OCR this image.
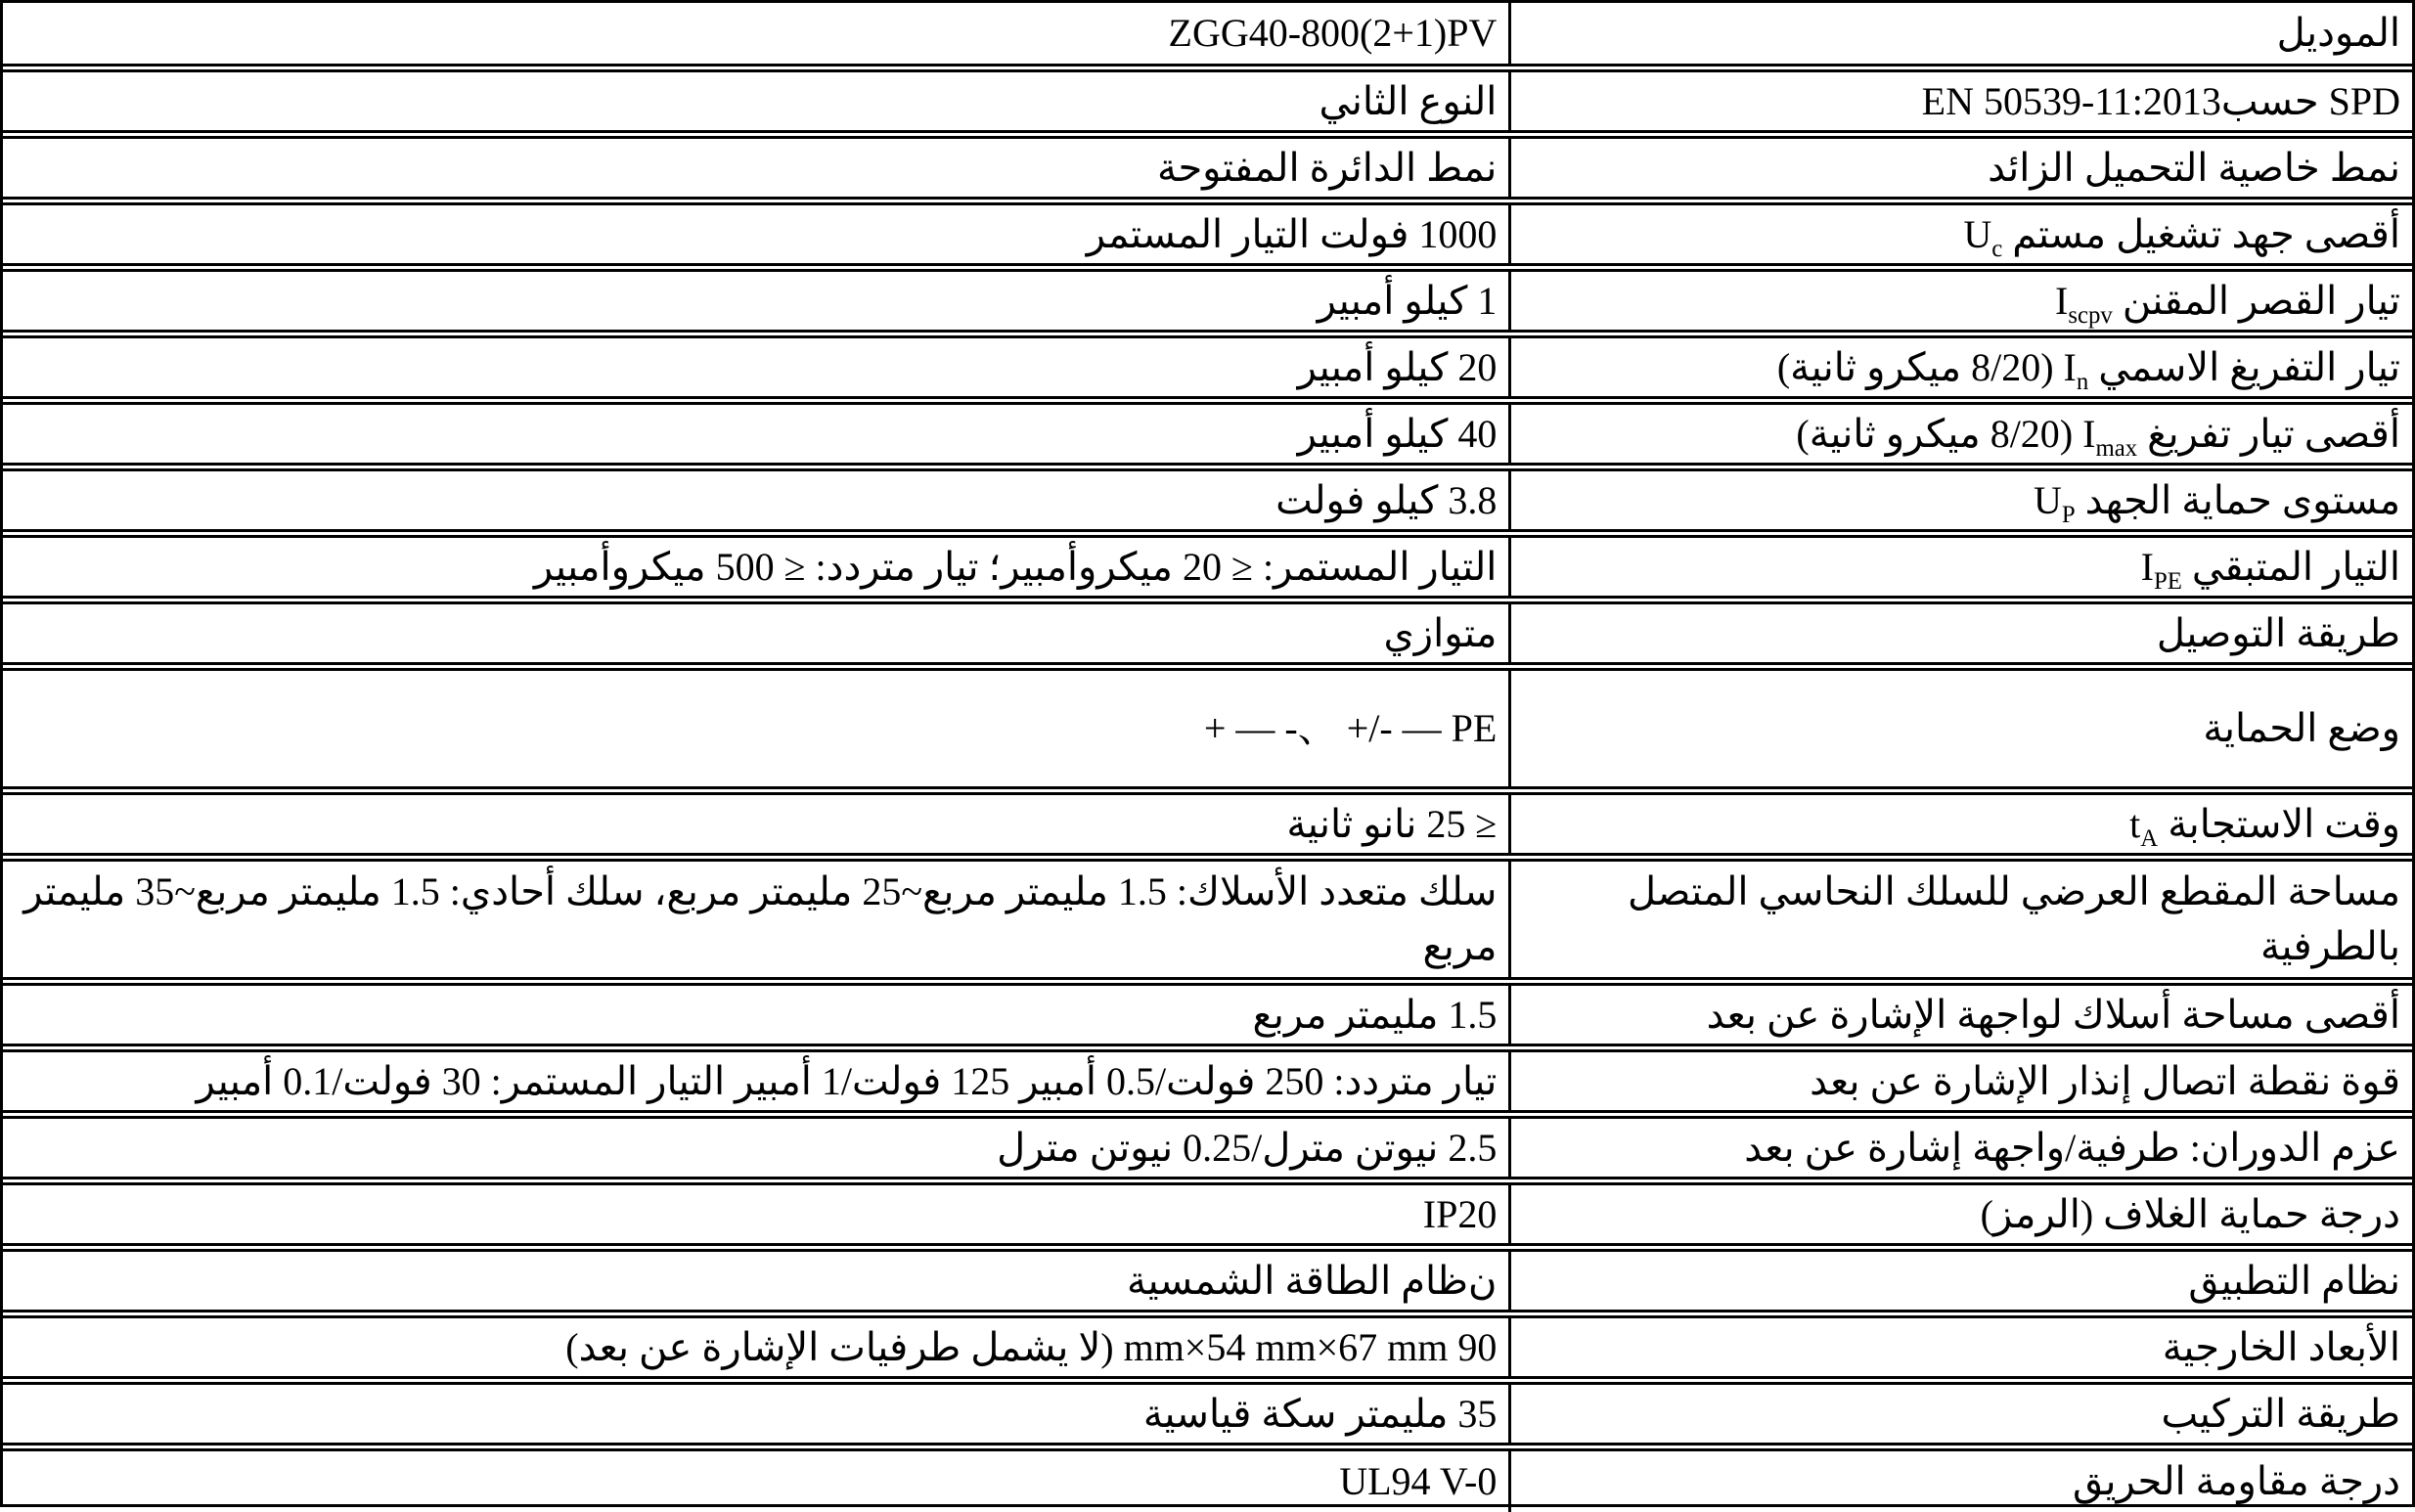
الموديل
ZGG40-800(2+1)PV
SPD حسبEN 50539-11:2013
النوع الثاني
نمط خاصية التحميل الزائد
نمط الدائرة المفتوحة
أقصى جهد تشغيل مستم $U_c$
1000 فولت التيار المستمر
تيار القصر المقنن $I_{scpv}$
1 كيلو أمبير
تيار التفريغ الاسمي $I_n$ (8/20 ميكرو ثانية)
20 كيلو أمبير
أقصى تيار تفريغ $I_{max}$ (8/20 ميكرو ثانية)
40 كيلو أمبير
مستوى حماية الجهد $U_P$
3.8 كيلو فولت
التيار المتبقي $I_{PE}$
التيار المستمر: ≤ 20 ميكروأمبير؛ تيار متردد: ≤ 500 ميكروأمبير
طريقة التوصيل
متوازي
وضع الحماية
+ — -、 +/- — PE
وقت الاستجابة $t_A$
≤ 25 نانو ثانية
مساحة المقطع العرضي للسلك النحاسي المتصل بالطرفية
سلك متعدد الأسلاك: 1.5 مليمتر مربع~25 مليمتر مربع، سلك أحادي: 1.5 مليمتر مربع~35 مليمتر مربع
أقصى مساحة أسلاك لواجهة الإشارة عن بعد
1.5 مليمتر مربع
قوة نقطة اتصال إنذار الإشارة عن بعد
تيار متردد: 250 فولت/0.5 أمبير 125 فولت/1 أمبير التيار المستمر: 30 فولت/0.1 أمبير
عزم الدوران: طرفية/واجهة إشارة عن بعد
2.5 نيوتن مترل/0.25 نيوتن مترل
درجة حماية الغلاف (الرمز)
IP20
نظام التطبيق
ن‌ظام الطاقة الشمسية
الأبعاد الخارجية
90 mm×54 mm×67 mm (لا يشمل طرفيات الإشارة عن بعد)
طريقة التركيب
35 مليمتر سكة قياسية
درجة مقاومة الحريق
UL94 V-0
